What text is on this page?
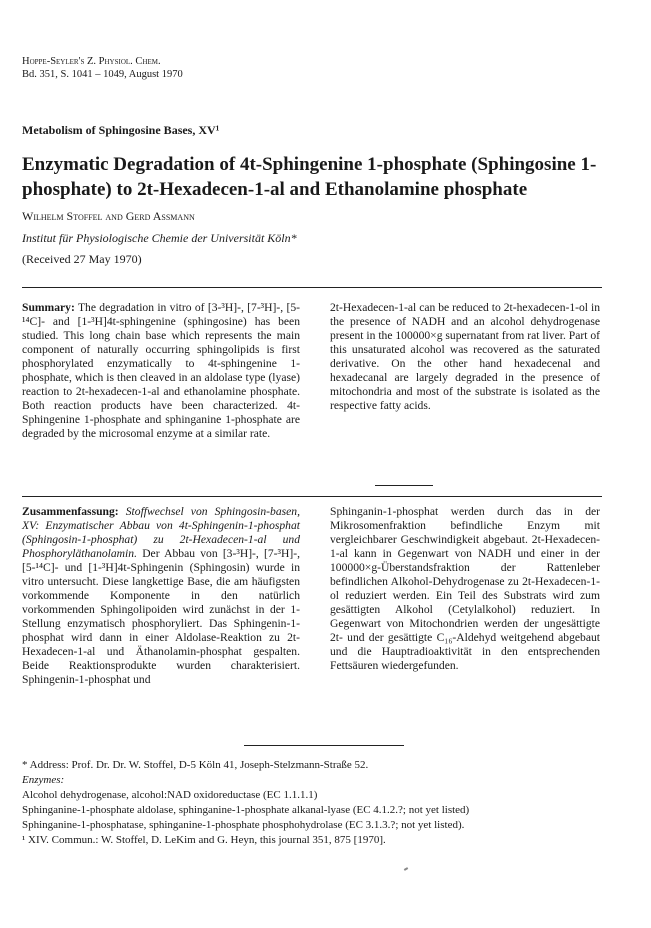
Hoppe-Seyler's Z. Physiol. Chem.
Bd. 351, S. 1041 – 1049, August 1970
Metabolism of Sphingosine Bases, XV¹
Enzymatic Degradation of 4t-Sphingenine 1-phosphate (Sphingosine 1-phosphate) to 2t-Hexadecen-1-al and Ethanolamine phosphate
Wilhelm Stoffel and Gerd Assmann
Institut für Physiologische Chemie der Universität Köln*
(Received 27 May 1970)
Summary: The degradation in vitro of [3-³H]-, [7-³H]-, [5-¹⁴C]- and [1-³H]4t-sphingenine (sphingosine) has been studied. This long chain base which represents the main component of naturally occurring sphingolipids is first phosphorylated enzymatically to 4t-sphingenine 1-phosphate, which is then cleaved in an aldolase type (lyase) reaction to 2t-hexadecen-1-al and ethanolamine phosphate. Both reaction products have been characterized. 4t-Sphingenine 1-phosphate and sphinganine 1-phosphate are degraded by the microsomal enzyme at a similar rate.
2t-Hexadecen-1-al can be reduced to 2t-hexadecen-1-ol in the presence of NADH and an alcohol dehydrogenase present in the 100000×g supernatant from rat liver. Part of this unsaturated alcohol was recovered as the saturated derivative. On the other hand hexadecenal and hexadecanal are largely degraded in the presence of mitochondria and most of the substrate is isolated as the respective fatty acids.
Zusammenfassung: Stoffwechsel von Sphingosin-basen, XV: Enzymatischer Abbau von 4t-Sphingenin-1-phosphat (Sphingosin-1-phosphat) zu 2t-Hexadecen-1-al und Phosphoryläthanolamin. Der Abbau von [3-³H]-, [7-³H]-, [5-¹⁴C]- und [1-³H]4t-Sphingenin (Sphingosin) wurde in vitro untersucht. Diese langkettige Base, die am häufigsten vorkommende Komponente in den natürlich vorkommenden Sphingolipoiden wird zunächst in der 1-Stellung enzymatisch phosphoryliert. Das Sphingenin-1-phosphat wird dann in einer Aldolase-Reaktion zu 2t-Hexadecen-1-al und Äthanolamin-phosphat gespalten. Beide Reaktionsprodukte wurden charakterisiert. Sphingenin-1-phosphat und
Sphinganin-1-phosphat werden durch das in der Mikrosomenfraktion befindliche Enzym mit vergleichbarer Geschwindigkeit abgebaut. 2t-Hexadecen-1-al kann in Gegenwart von NADH und einer in der 100000×g-Überstandsfraktion der Rattenleber befindlichen Alkohol-Dehydrogenase zu 2t-Hexadecen-1-ol reduziert werden. Ein Teil des Substrats wird zum gesättigten Alkohol (Cetylalkohol) reduziert. In Gegenwart von Mitochondrien werden der ungesättigte 2t- und der gesättigte C₁₆-Aldehyd weitgehend abgebaut und die Hauptradioaktivität in den entsprechenden Fettsäuren wiedergefunden.
* Address: Prof. Dr. Dr. W. Stoffel, D-5 Köln 41, Joseph-Stelzmann-Straße 52.
Enzymes:
Alcohol dehydrogenase, alcohol:NAD oxidoreductase (EC 1.1.1.1)
Sphinganine-1-phosphate aldolase, sphinganine-1-phosphate alkanal-lyase (EC 4.1.2.?; not yet listed)
Sphinganine-1-phosphatase, sphinganine-1-phosphate phosphohydrolase (EC 3.1.3.?; not yet listed).
¹ XIV. Commun.: W. Stoffel, D. LeKim and G. Heyn, this journal 351, 875 [1970].
